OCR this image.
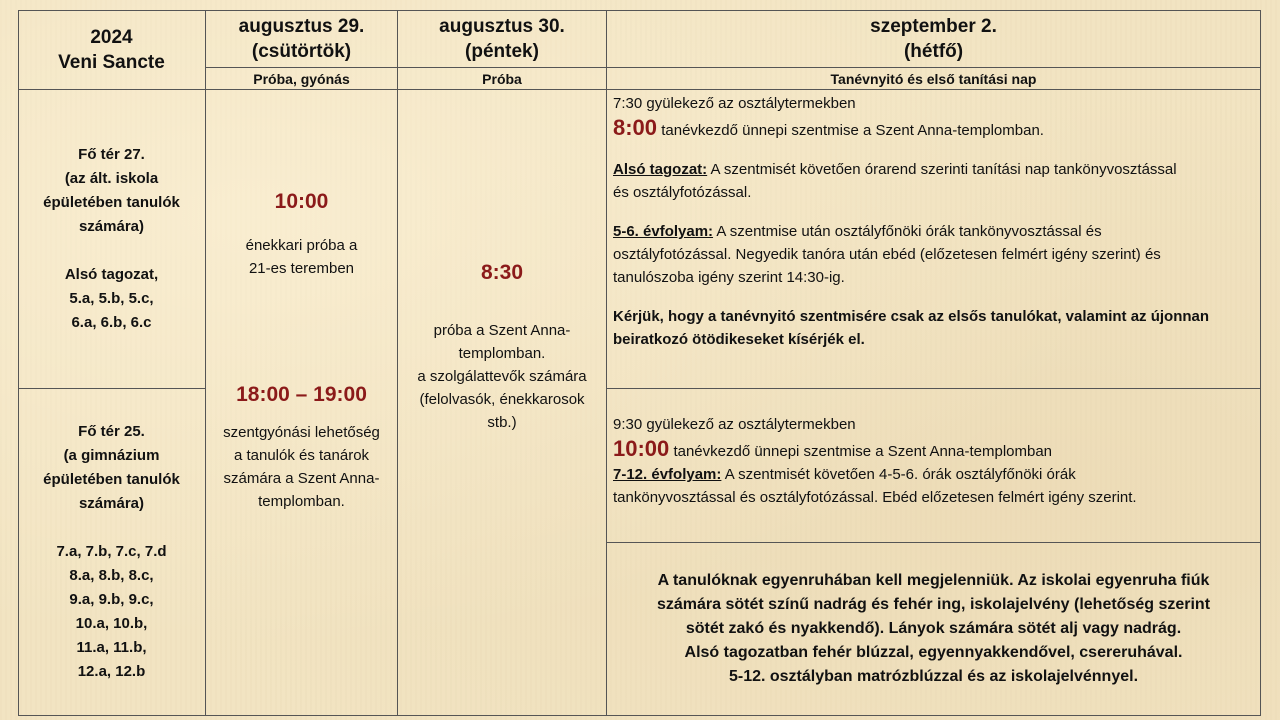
2024
Veni Sancte
augusztus 29.
(csütörtök)
augusztus 30.
(péntek)
szeptember 2.
(hétfő)
Próba, gyónás	Próba	Tanévnyitó és első tanítási nap
Fő tér 27.
(az ált. iskola
épületében tanulók
számára)
Alsó tagozat,
5.a, 5.b, 5.c,
6.a, 6.b, 6.c
Fő tér 25.
(a gimnázium
épületében tanulók
számára)
7.a, 7.b, 7.c, 7.d
8.a, 8.b, 8.c,
9.a, 9.b, 9.c,
10.a, 10.b,
11.a, 11.b,
12.a, 12.b
10:00
énekkari próba a
21-es teremben
18:00 – 19:00
szentgyónási lehetőség
a tanulók és tanárok
számára a Szent Anna-
templomban.
8:30
próba a Szent Anna-
templomban.
a szolgálattevők számára
(felolvasók, énekkarosok
stb.)

7:30 gyülekező az osztálytermekben

8:00 tanévkezdő ünnepi szentmise a Szent Anna-templomban.

Alsó tagozat: A szentmisét követően órarend szerinti tanítási nap tankönyvosztással

és osztályfotózással.

5-6. évfolyam: A szentmise után osztályfőnöki órák tankönyvosztással és

osztályfotózással. Negyedik tanóra után ebéd (előzetesen felmért igény szerint) és

tanulószoba igény szerint 14:30-ig.

Kérjük, hogy a tanévnyitó szentmisére csak az elsős tanulókat, valamint az újonnan

beiratkozó ötödikeseket kísérjék el.

9:30 gyülekező az osztálytermekben

10:00 tanévkezdő ünnepi szentmise a Szent Anna-templomban

7-12. évfolyam: A szentmisét követően 4-5-6. órák osztályfőnöki órák

tankönyvosztással és osztályfotózással. Ebéd előzetesen felmért igény szerint.

A tanulóknak egyenruhában kell megjelenniük. Az iskolai egyenruha fiúk
számára sötét színű nadrág és fehér ing, iskolajelvény (lehetőség szerint
sötét zakó és nyakkendő). Lányok számára sötét alj vagy nadrág.
Alsó tagozatban fehér blúzzal, egyennyakkendővel, csereruhával.
5-12. osztályban matrózblúzzal és az iskolajelvénnyel.
